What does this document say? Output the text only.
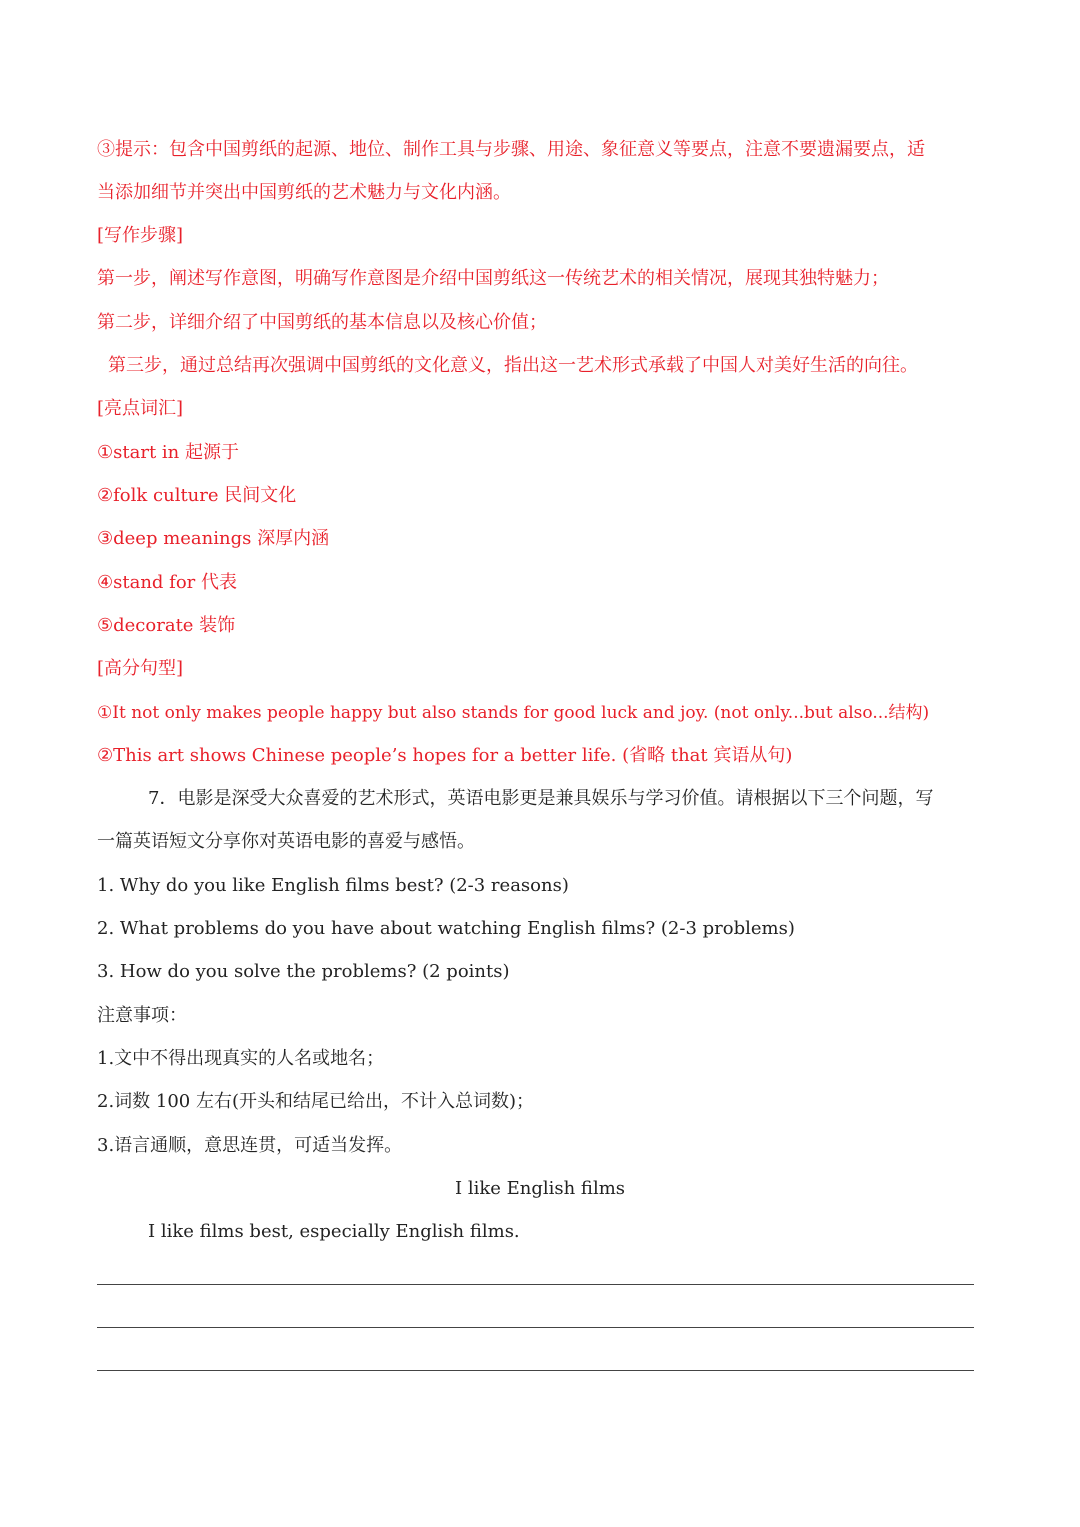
③提示：包含中国剪纸的起源、地位、制作工具与步骤、用途、象征意义等要点，注意不要遗漏要点，适
当添加细节并突出中国剪纸的艺术魅力与文化内涵。
[写作步骤]
第一步，阐述写作意图，明确写作意图是介绍中国剪纸这一传统艺术的相关情况，展现其独特魅力；
第二步，详细介绍了中国剪纸的基本信息以及核心价值；
第三步，通过总结再次强调中国剪纸的文化意义，指出这一艺术形式承载了中国人对美好生活的向往。
[亮点词汇]
①start in 起源于
②folk culture 民间文化
③deep meanings 深厚内涵
④stand for 代表
⑤decorate 装饰
[高分句型]
①It not only makes people happy but also stands for good luck and joy. (not only...but also...结构)
②This art shows Chinese people’s hopes for a better life. (省略 that 宾语从句)
7．电影是深受大众喜爱的艺术形式，英语电影更是兼具娱乐与学习价值。请根据以下三个问题，写
一篇英语短文分享你对英语电影的喜爱与感悟。
1. Why do you like English films best? (2-3 reasons)
2. What problems do you have about watching English films? (2-3 problems)
3. How do you solve the problems? (2 points)
注意事项：
1.文中不得出现真实的人名或地名；
2.词数 100 左右(开头和结尾已给出，不计入总词数)；
3.语言通顺，意思连贯，可适当发挥。
I like English films
I like films best, especially English films.
